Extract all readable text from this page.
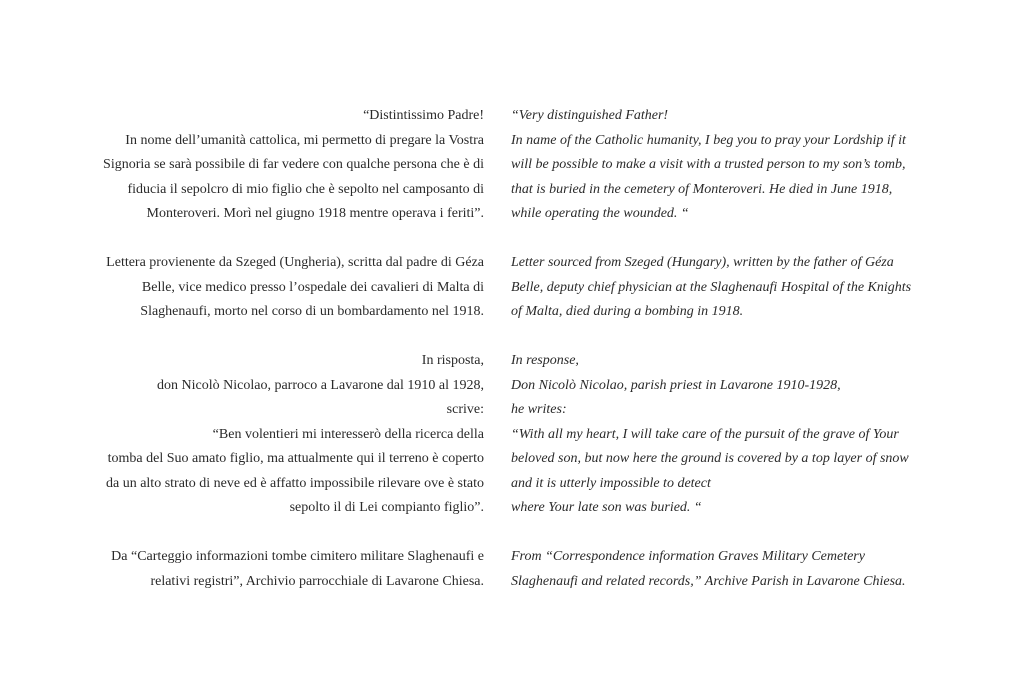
“Distintissimo Padre!
In nome dell’umanità cattolica, mi permetto di pregare la Vostra
Signoria se sarà possibile di far vedere con qualche persona che è di
fiducia il sepolcro di mio figlio che è sepolto nel camposanto di
Monteroveri. Morì nel giugno 1918 mentre operava i feriti”.
Lettera provienente da Szeged (Ungheria), scritta dal padre di Géza
Belle, vice medico presso l’ospedale dei cavalieri di Malta di
Slaghenaufi, morto nel corso di un bombardamento nel 1918.
In risposta,
don Nicolò Nicolao, parroco a Lavarone dal 1910 al 1928,
scrive:
“Ben volentieri mi interesserò della ricerca della
tomba del Suo amato figlio, ma attualmente qui il terreno è coperto
da un alto strato di neve ed è affatto impossibile rilevare ove è stato
sepolto il di Lei compianto figlio”.
Da “Carteggio informazioni tombe cimitero militare Slaghenaufi e
relativi registri”, Archivio parrocchiale di Lavarone Chiesa.
“Very distinguished Father!
In name of the Catholic humanity, I beg you to pray your Lordship if it
will be possible to make a visit with a trusted person to my son’s tomb,
that is buried in the cemetery of Monteroveri. He died in June 1918,
while operating the wounded. “
Letter sourced from Szeged (Hungary), written by the father of Géza
Belle, deputy chief physician at the Slaghenaufi Hospital of the Knights
of Malta, died during a bombing in 1918.
In response,
Don Nicolò Nicolao, parish priest in Lavarone 1910-1928,
he writes:
“With all my heart, I will take care of the pursuit of the grave of Your
beloved son, but now here the ground is covered by a top layer of snow
and it is utterly impossible to detect
where Your late son was buried. “
From “Correspondence information Graves Military Cemetery
Slaghenaufi and related records,” Archive Parish in Lavarone Chiesa.
